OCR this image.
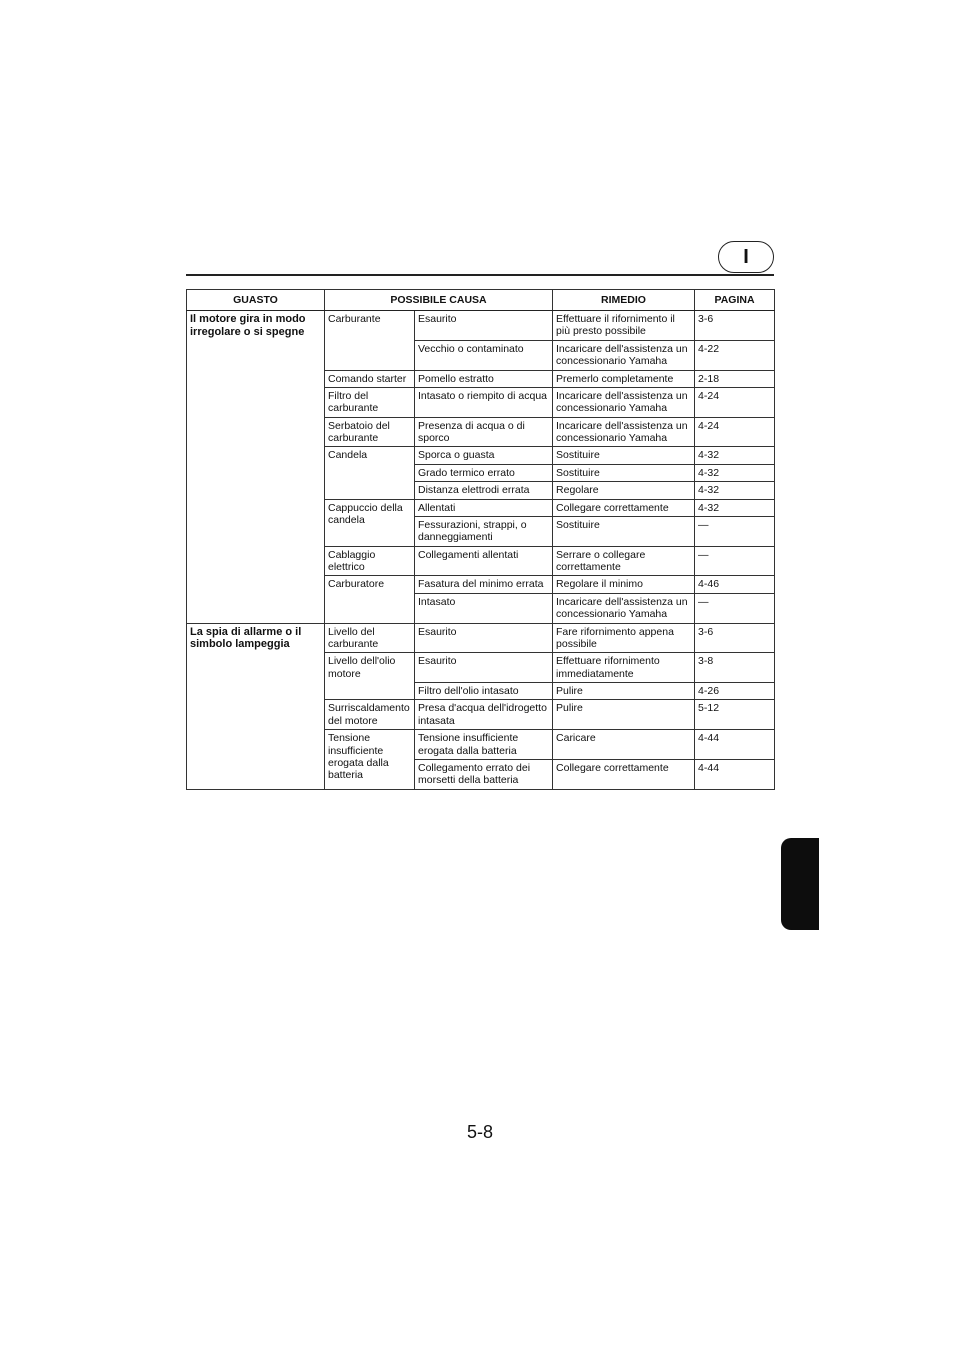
I
GUASTO	POSSIBILE CAUSA		RIMEDIO	PAGINA
Il motore gira in modo irregolare o si spegne	Carburante	Esaurito	Effettuare il rifornimento il più presto possibile	3-6
		Vecchio o contaminato	Incaricare dell'assistenza un concessionario Yamaha	4-22
	Comando starter	Pomello estratto	Premerlo completamente	2-18
	Filtro del carburante	Intasato o riempito di acqua	Incaricare dell'assistenza un concessionario Yamaha	4-24
	Serbatoio del carburante	Presenza di acqua o di sporco	Incaricare dell'assistenza un concessionario Yamaha	4-24
	Candela	Sporca o guasta	Sostituire	4-32
		Grado termico errato	Sostituire	4-32
		Distanza elettrodi errata	Regolare	4-32
	Cappuccio della candela	Allentati	Collegare correttamente	4-32
		Fessurazioni, strappi, o danneggiamenti	Sostituire	—
	Cablaggio elettrico	Collegamenti allentati	Serrare o collegare correttamente	—
	Carburatore	Fasatura del minimo errata	Regolare il minimo	4-46
		Intasato	Incaricare dell'assistenza un concessionario Yamaha	—
La spia di allarme o il simbolo lampeggia	Livello del carburante	Esaurito	Fare rifornimento appena possibile	3-6
	Livello dell'olio motore	Esaurito	Effettuare rifornimento immediatamente	3-8
		Filtro dell'olio intasato	Pulire	4-26
	Surriscaldamento del motore	Presa d'acqua dell'idrogetto intasata	Pulire	5-12
	Tensione insufficiente erogata dalla batteria	Tensione insufficiente erogata dalla batteria	Caricare	4-44
		Collegamento errato dei morsetti della batteria	Collegare correttamente	4-44
5-8
